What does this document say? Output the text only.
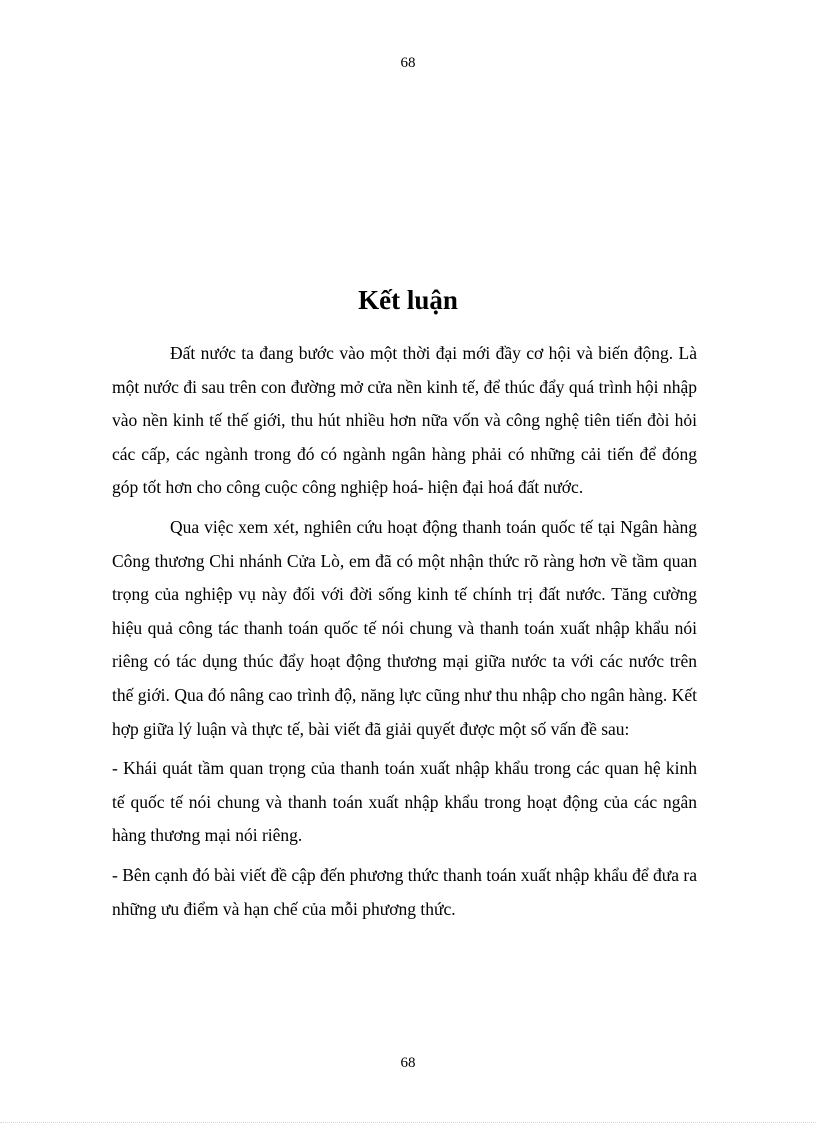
68
Kết luận

Đất nước ta đang bước vào một thời đại mới đầy cơ hội và biến động. Là một nước đi sau trên con đường mở cửa nền kinh tế, để thúc đẩy quá trình hội nhập vào nền kinh tế thế giới, thu hút nhiều hơn nữa vốn và công nghệ tiên tiến đòi hỏi các cấp, các ngành trong đó có ngành ngân hàng phải có những cải tiến để đóng góp tốt hơn cho công cuộc công nghiệp hoá- hiện đại hoá đất nước.

Qua việc xem xét, nghiên cứu hoạt động thanh toán quốc tế tại Ngân hàng Công thương Chi nhánh Cửa Lò, em đã có một nhận thức rõ ràng hơn về tầm quan trọng của nghiệp vụ này đối với đời sống kinh tế chính trị đất nước. Tăng cường hiệu quả công tác thanh toán quốc tế nói chung và thanh toán xuất nhập khẩu nói riêng có tác dụng thúc đẩy hoạt động thương mại giữa nước ta với các nước trên thế giới. Qua đó nâng cao trình độ, năng lực cũng như thu nhập cho ngân hàng. Kết hợp giữa lý luận và thực tế, bài viết đã giải quyết được một số vấn đề sau:

- Khái quát tầm quan trọng của thanh toán xuất nhập khẩu trong các quan hệ kinh tế quốc tế nói chung và thanh toán xuất nhập khẩu trong hoạt động của các ngân hàng thương mại nói riêng.

- Bên cạnh đó bài viết đề cập đến phương thức thanh toán xuất nhập khẩu để đưa ra những ưu điểm và hạn chế của mỗi phương thức.

68
